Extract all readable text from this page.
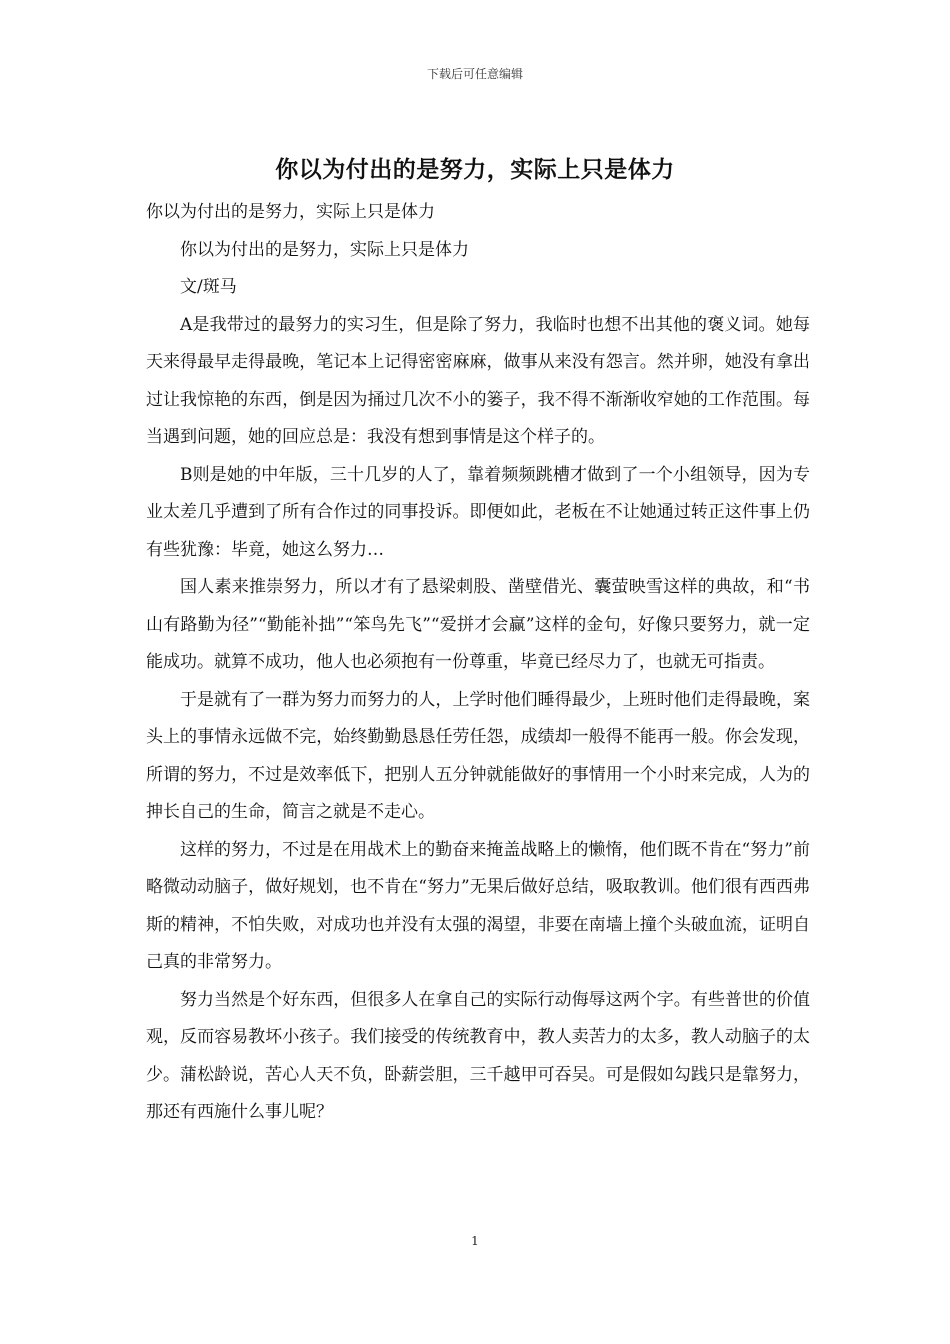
下载后可任意编辑
你以为付出的是努力，实际上只是体力

你以为付出的是努力，实际上只是体力

你以为付出的是努力，实际上只是体力

文/斑马

A是我带过的最努力的实习生，但是除了努力，我临时也想不出其他的褒义词。她每天来得最早走得最晚，笔记本上记得密密麻麻，做事从来没有怨言。然并卵，她没有拿出过让我惊艳的东西，倒是因为捅过几次不小的篓子，我不得不渐渐收窄她的工作范围。每当遇到问题，她的回应总是：我没有想到事情是这个样子的。

B则是她的中年版，三十几岁的人了，靠着频频跳槽才做到了一个小组领导，因为专业太差几乎遭到了所有合作过的同事投诉。即便如此，老板在不让她通过转正这件事上仍有些犹豫：毕竟，她这么努力…

国人素来推崇努力，所以才有了悬梁刺股、凿壁借光、囊萤映雪这样的典故，和“书山有路勤为径”“勤能补拙”“笨鸟先飞”“爱拼才会赢”这样的金句，好像只要努力，就一定能成功。就算不成功，他人也必须抱有一份尊重，毕竟已经尽力了，也就无可指责。

于是就有了一群为努力而努力的人，上学时他们睡得最少，上班时他们走得最晚，案头上的事情永远做不完，始终勤勤恳恳任劳任怨，成绩却一般得不能再一般。你会发现，所谓的努力，不过是效率低下，把别人五分钟就能做好的事情用一个小时来完成，人为的抻长自己的生命，简言之就是不走心。

这样的努力，不过是在用战术上的勤奋来掩盖战略上的懒惰，他们既不肯在“努力”前略微动动脑子，做好规划，也不肯在“努力”无果后做好总结，吸取教训。他们很有西西弗斯的精神，不怕失败，对成功也并没有太强的渴望，非要在南墙上撞个头破血流，证明自己真的非常努力。

努力当然是个好东西，但很多人在拿自己的实际行动侮辱这两个字。有些普世的价值观，反而容易教坏小孩子。我们接受的传统教育中，教人卖苦力的太多，教人动脑子的太少。蒲松龄说，苦心人天不负，卧薪尝胆，三千越甲可吞吴。可是假如勾践只是靠努力，那还有西施什么事儿呢？

1
